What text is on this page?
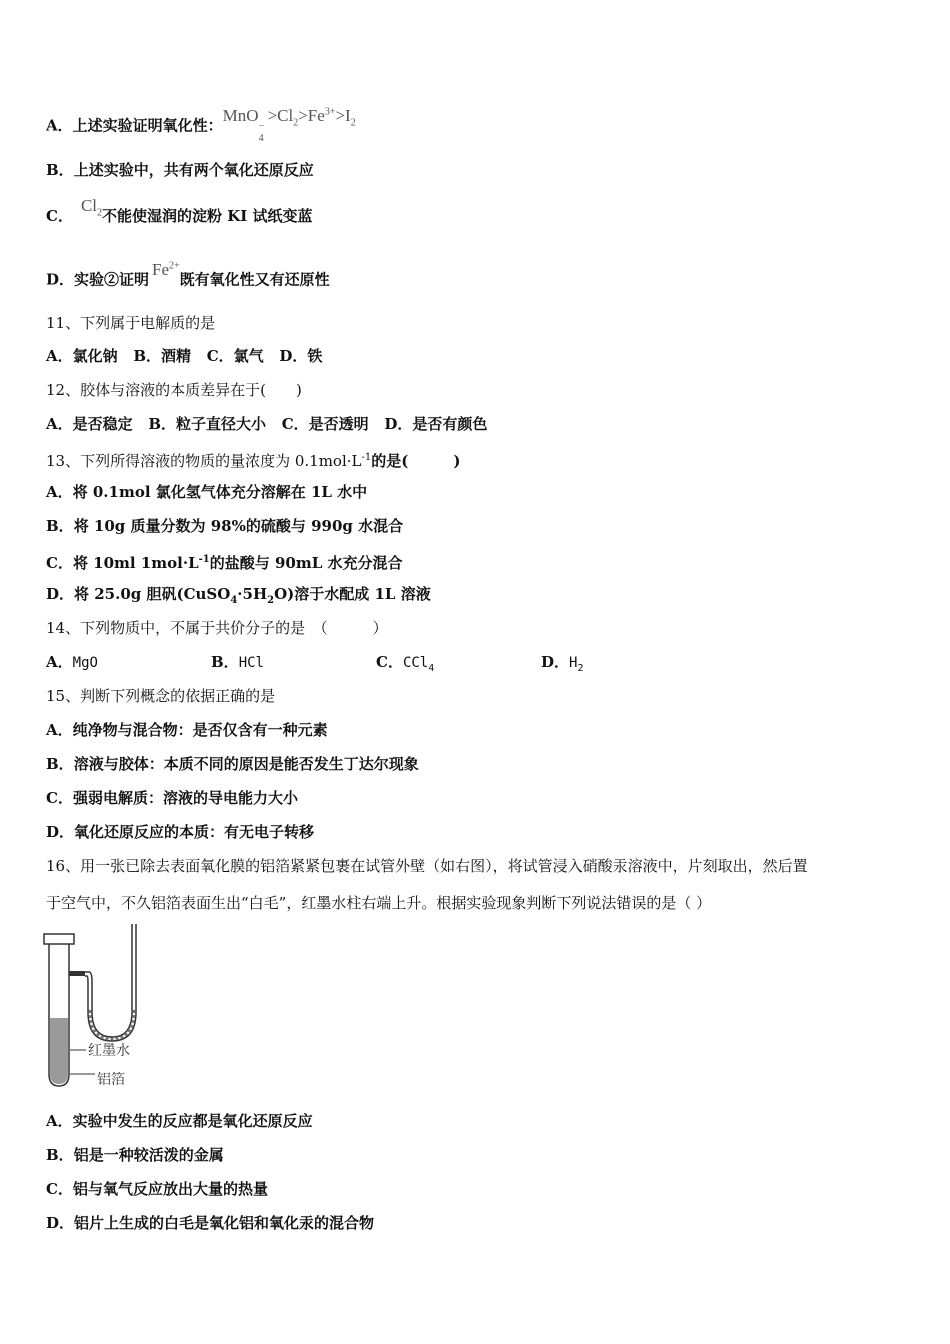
A．上述实验证明氧化性：MnO
−
4
$>Cl_2>Fe^{3+}>I_2$
B．上述实验中，共有两个氧化还原反应
C．$Cl_2$不能使湿润的淀粉 KI 试纸变蓝
D．实验②证明$Fe^{2+}$既有氧化性又有还原性
11、下列属于电解质的是
A．氯化钠 B．酒精 C．氯气 D．铁
12、胶体与溶液的本质差异在于(　　)
A．是否稳定 B．粒子直径大小 C．是否透明 D．是否有颜色
13、下列所得溶液的物质的量浓度为 $0.1mol\cdot L^{-1}$的是(　　　)
A．将 0.1mol 氯化氢气体充分溶解在 1L 水中
B．将 10g 质量分数为 98%的硫酸与 990g 水混合
C．将 10ml $1mol\cdot L^{-1}$的盐酸与 90mL 水充分混合
D．将 25.0g 胆矾$(CuSO_4\cdot 5H_2O)$溶于水配成 1L 溶液
14、下列物质中，不属于共价分子的是　（　　　）
A．MgO	B．HCl	C．CCl$_4$	D．$H_2$
15、判断下列概念的依据正确的是
A．纯净物与混合物：是否仅含有一种元素
B．溶液与胶体：本质不同的原因是能否发生丁达尔现象
C．强弱电解质：溶液的导电能力大小
D．氧化还原反应的本质：有无电子转移
16、用一张已除去表面氧化膜的铝箔紧紧包裹在试管外壁（如右图），将试管浸入硝酸汞溶液中，片刻取出，然后置
于空气中，不久铝箔表面生出“白毛”，红墨水柱右端上升。根据实验现象判断下列说法错误的是（ ）
红墨水
铝箔
A．实验中发生的反应都是氧化还原反应
B．铝是一种较活泼的金属
C．铝与氧气反应放出大量的热量
D．铝片上生成的白毛是氧化铝和氧化汞的混合物
